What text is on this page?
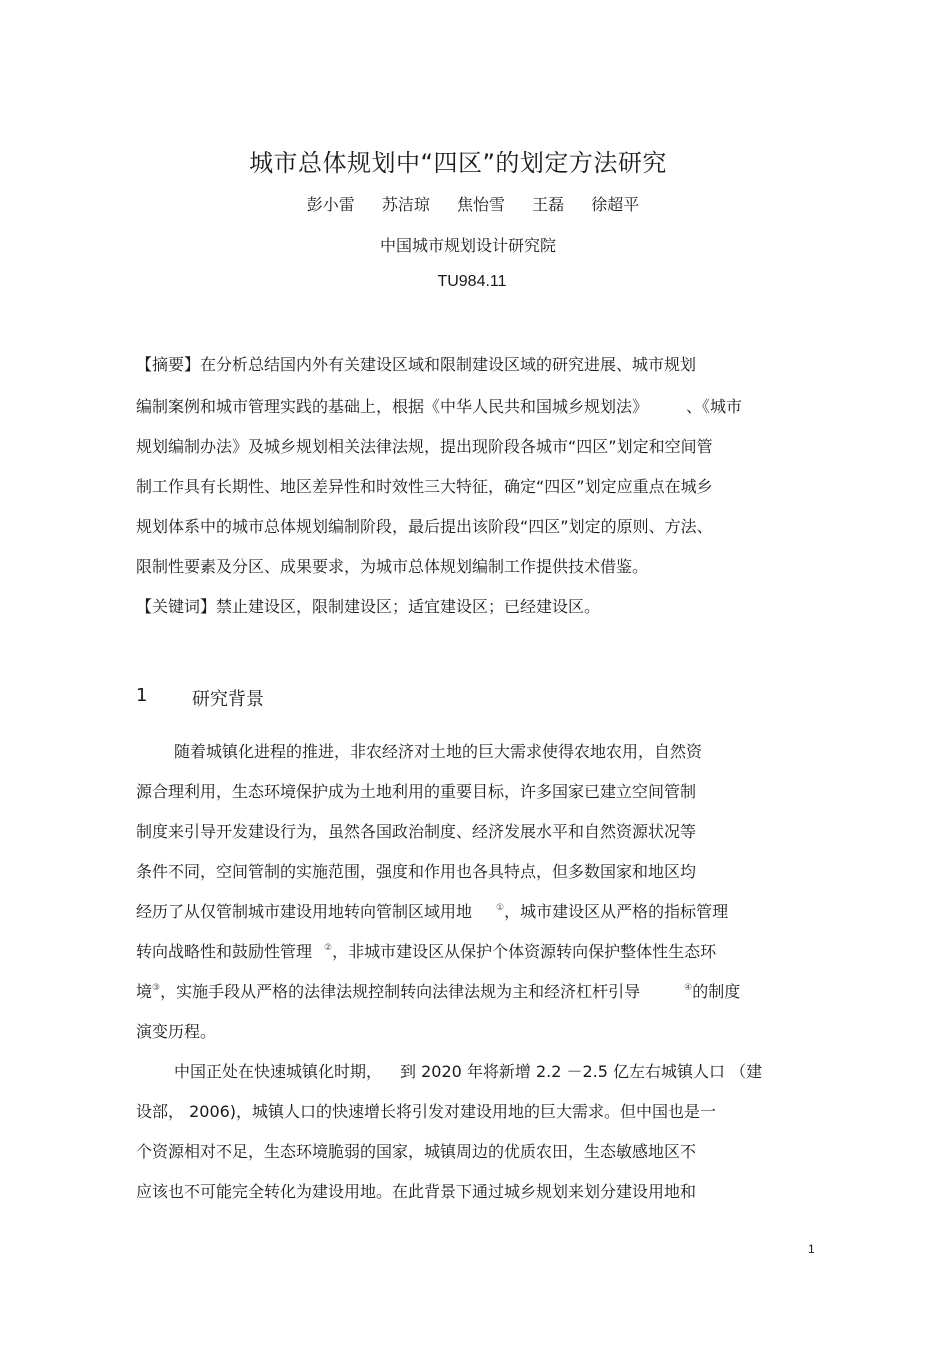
城市总体规划中“四区”的划定方法研究
彭小雷 苏洁琼 焦怡雪 王磊 徐超平
中国城市规划设计研究院
TU984.11
【摘要】在分析总结国内外有关建设区域和限制建设区域的研究进展、城市规划
编制案例和城市管理实践的基础上，根据《中华人民共和国城乡规划法》 、《城市
规划编制办法》及城乡规划相关法律法规，提出现阶段各城市“四区”划定和空间管
制工作具有长期性、地区差异性和时效性三大特征，确定“四区”划定应重点在城乡
规划体系中的城市总体规划编制阶段，最后提出该阶段“四区”划定的原则、方法、
限制性要素及分区、成果要求，为城市总体规划编制工作提供技术借鉴。
【关键词】禁止建设区，限制建设区；适宜建设区；已经建设区。
1 研究背景
随着城镇化进程的推进，非农经济对土地的巨大需求使得农地农用，自然资
源合理利用，生态环境保护成为土地利用的重要目标，许多国家已建立空间管制
制度来引导开发建设行为，虽然各国政治制度、经济发展水平和自然资源状况等
条件不同，空间管制的实施范围，强度和作用也各具特点，但多数国家和地区均
经历了从仅管制城市建设用地转向管制区域用地	①，城市建设区从严格的指标管理
转向战略性和鼓励性管理 ②，非城市建设区从保护个体资源转向保护整体性生态环
境③，实施手段从严格的法律法规控制转向法律法规为主和经济杠杆引导	④的制度
演变历程。
中国正处在快速城镇化时期， 到 2020 年将新增 2.2 －2.5 亿左右城镇人口 （建
设部， 2006)，城镇人口的快速增长将引发对建设用地的巨大需求。但中国也是一
个资源相对不足，生态环境脆弱的国家，城镇周边的优质农田，生态敏感地区不
应该也不可能完全转化为建设用地。在此背景下通过城乡规划来划分建设用地和
1
